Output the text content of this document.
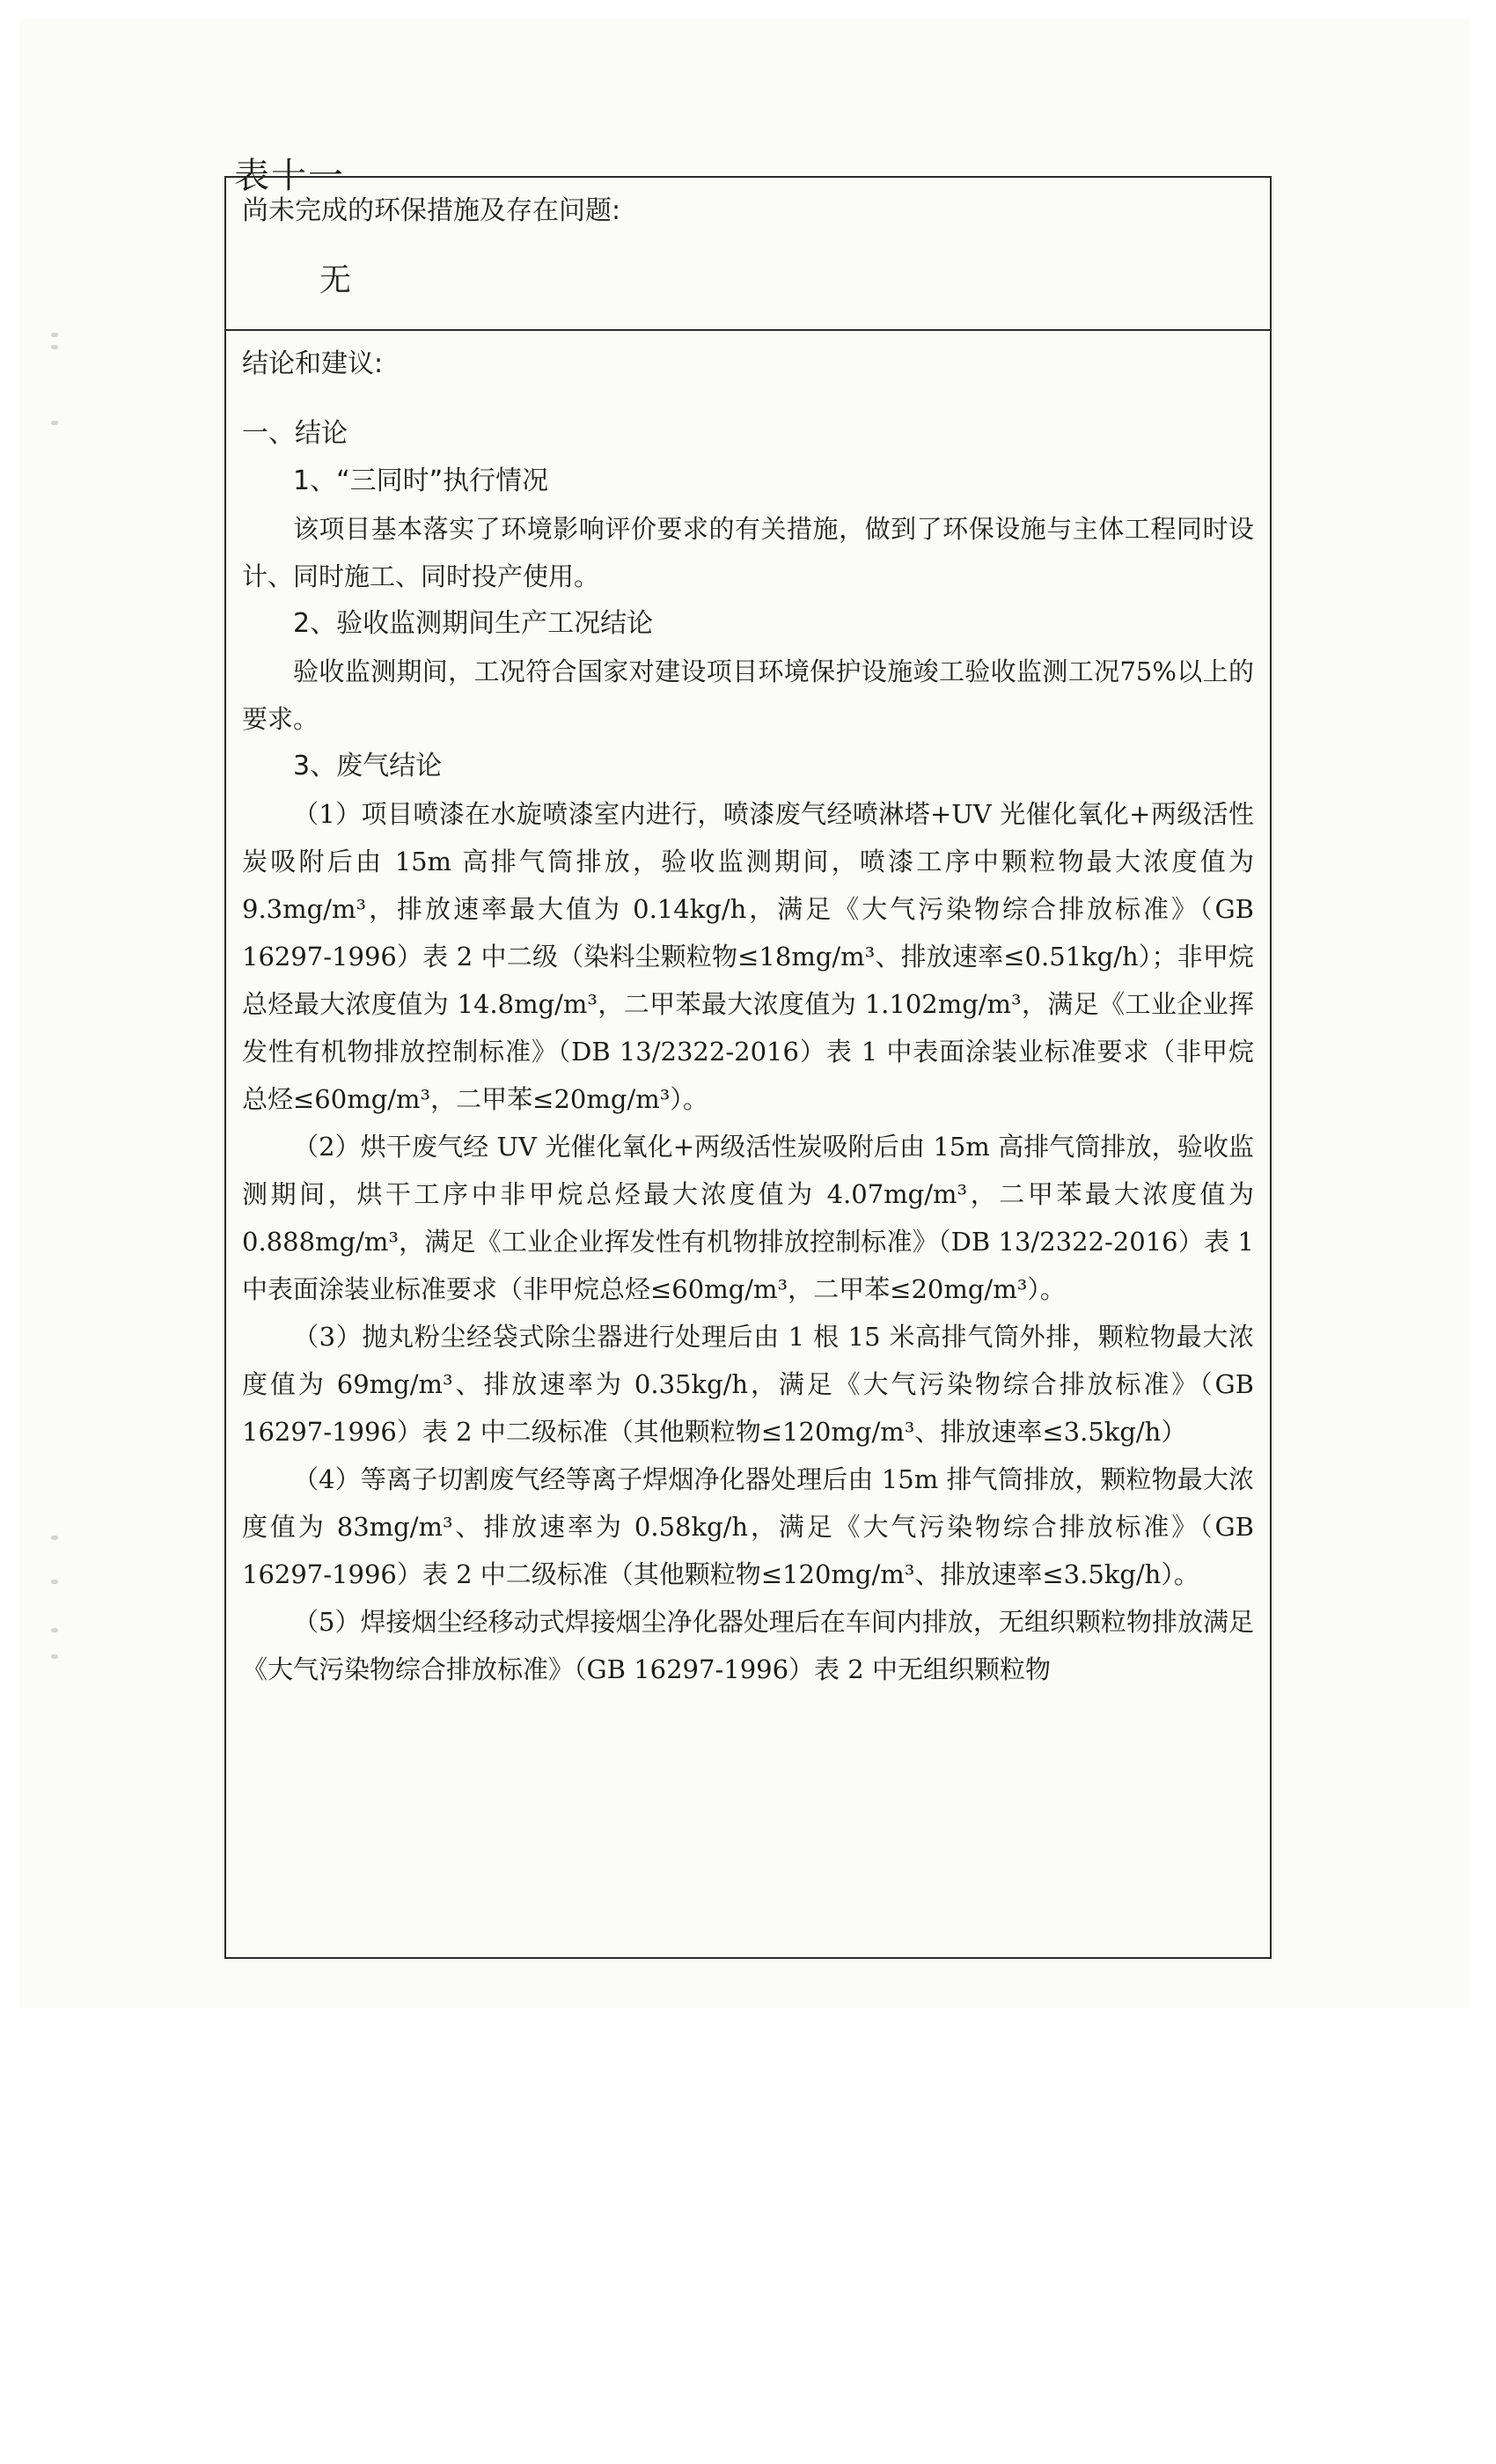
表十一
尚未完成的环保措施及存在问题:
无
结论和建议:
一、结论
1、“三同时”执行情况

该项目基本落实了环境影响评价要求的有关措施，做到了环保设施与主体工程同时设计、同时施工、同时投产使用。

2、验收监测期间生产工况结论

验收监测期间，工况符合国家对建设项目环境保护设施竣工验收监测工况75%以上的要求。

3、废气结论

（1）项目喷漆在水旋喷漆室内进行，喷漆废气经喷淋塔+UV 光催化氧化+两级活性炭吸附后由 15m 高排气筒排放，验收监测期间，喷漆工序中颗粒物最大浓度值为 9.3mg/m³，排放速率最大值为 0.14kg/h，满足《大气污染物综合排放标准》（GB 16297-1996）表 2 中二级（染料尘颗粒物≤18mg/m³、排放速率≤0.51kg/h）；非甲烷总烃最大浓度值为 14.8mg/m³，二甲苯最大浓度值为 1.102mg/m³，满足《工业企业挥发性有机物排放控制标准》（DB 13/2322-2016）表 1 中表面涂装业标准要求（非甲烷总烃≤60mg/m³，二甲苯≤20mg/m³）。

（2）烘干废气经 UV 光催化氧化+两级活性炭吸附后由 15m 高排气筒排放，验收监测期间，烘干工序中非甲烷总烃最大浓度值为 4.07mg/m³，二甲苯最大浓度值为 0.888mg/m³，满足《工业企业挥发性有机物排放控制标准》（DB 13/2322-2016）表 1 中表面涂装业标准要求（非甲烷总烃≤60mg/m³，二甲苯≤20mg/m³）。

（3）抛丸粉尘经袋式除尘器进行处理后由 1 根 15 米高排气筒外排，颗粒物最大浓度值为 69mg/m³、排放速率为 0.35kg/h，满足《大气污染物综合排放标准》（GB 16297-1996）表 2 中二级标准（其他颗粒物≤120mg/m³、排放速率≤3.5kg/h）

（4）等离子切割废气经等离子焊烟净化器处理后由 15m 排气筒排放，颗粒物最大浓度值为 83mg/m³、排放速率为 0.58kg/h，满足《大气污染物综合排放标准》（GB 16297-1996）表 2 中二级标准（其他颗粒物≤120mg/m³、排放速率≤3.5kg/h）。

（5）焊接烟尘经移动式焊接烟尘净化器处理后在车间内排放，无组织颗粒物排放满足《大气污染物综合排放标准》（GB 16297-1996）表 2 中无组织颗粒物
